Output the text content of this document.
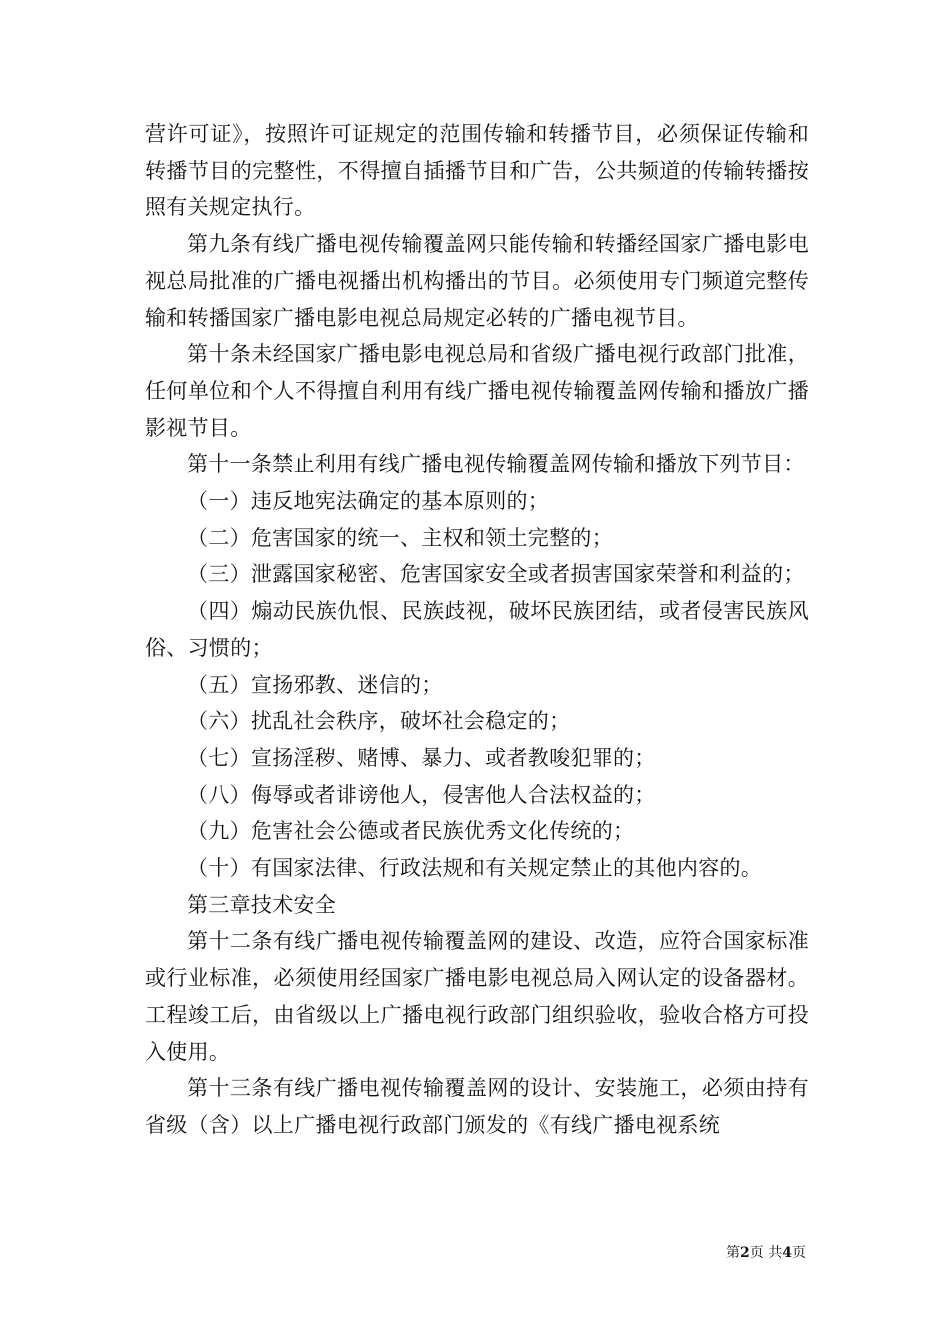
营许可证》，按照许可证规定的范围传输和转播节目，必须保证传输和转播节目的完整性，不得擅自插播节目和广告，公共频道的传输转播按照有关规定执行。

第九条有线广播电视传输覆盖网只能传输和转播经国家广播电影电视总局批准的广播电视播出机构播出的节目。必须使用专门频道完整传输和转播国家广播电影电视总局规定必转的广播电视节目。

第十条未经国家广播电影电视总局和省级广播电视行政部门批准，任何单位和个人不得擅自利用有线广播电视传输覆盖网传输和播放广播影视节目。

第十一条禁止利用有线广播电视传输覆盖网传输和播放下列节目：

（一）违反地宪法确定的基本原则的；

（二）危害国家的统一、主权和领土完整的；

（三）泄露国家秘密、危害国家安全或者损害国家荣誉和利益的；

（四）煽动民族仇恨、民族歧视，破坏民族团结，或者侵害民族风俗、习惯的；

（五）宣扬邪教、迷信的；

（六）扰乱社会秩序，破坏社会稳定的；

（七）宣扬淫秽、赌博、暴力、或者教唆犯罪的；

（八）侮辱或者诽谤他人，侵害他人合法权益的；

（九）危害社会公德或者民族优秀文化传统的；

（十）有国家法律、行政法规和有关规定禁止的其他内容的。

第三章技术安全

第十二条有线广播电视传输覆盖网的建设、改造，应符合国家标准或行业标准，必须使用经国家广播电影电视总局入网认定的设备器材。工程竣工后，由省级以上广播电视行政部门组织验收，验收合格方可投入使用。

第十三条有线广播电视传输覆盖网的设计、安装施工，必须由持有省级（含）以上广播电视行政部门颁发的《有线广播电视系统

第2页 共4页
